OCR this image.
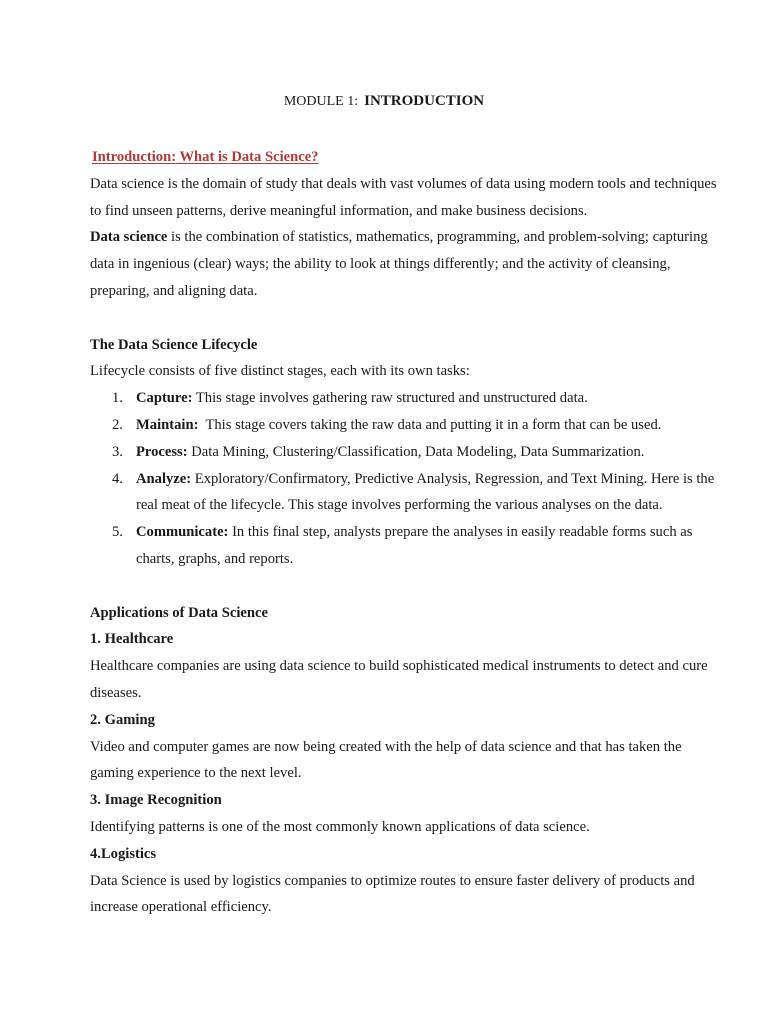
MODULE 1: INTRODUCTION
Introduction: What is Data Science?
Data science is the domain of study that deals with vast volumes of data using modern tools and techniques
to find unseen patterns, derive meaningful information, and make business decisions.
Data science is the combination of statistics, mathematics, programming, and problem-solving; capturing
data in ingenious (clear) ways; the ability to look at things differently; and the activity of cleansing,
preparing, and aligning data.
The Data Science Lifecycle
Lifecycle consists of five distinct stages, each with its own tasks:
1. Capture: This stage involves gathering raw structured and unstructured data.
2. Maintain:  This stage covers taking the raw data and putting it in a form that can be used.
3. Process: Data Mining, Clustering/Classification, Data Modeling, Data Summarization.
4. Analyze: Exploratory/Confirmatory, Predictive Analysis, Regression, and Text Mining. Here is the
real meat of the lifecycle. This stage involves performing the various analyses on the data.
5. Communicate: In this final step, analysts prepare the analyses in easily readable forms such as
charts, graphs, and reports.
Applications of Data Science
1. Healthcare
Healthcare companies are using data science to build sophisticated medical instruments to detect and cure
diseases.
2. Gaming
Video and computer games are now being created with the help of data science and that has taken the
gaming experience to the next level.
3. Image Recognition
Identifying patterns is one of the most commonly known applications of data science.
4.Logistics
Data Science is used by logistics companies to optimize routes to ensure faster delivery of products and
increase operational efficiency.
